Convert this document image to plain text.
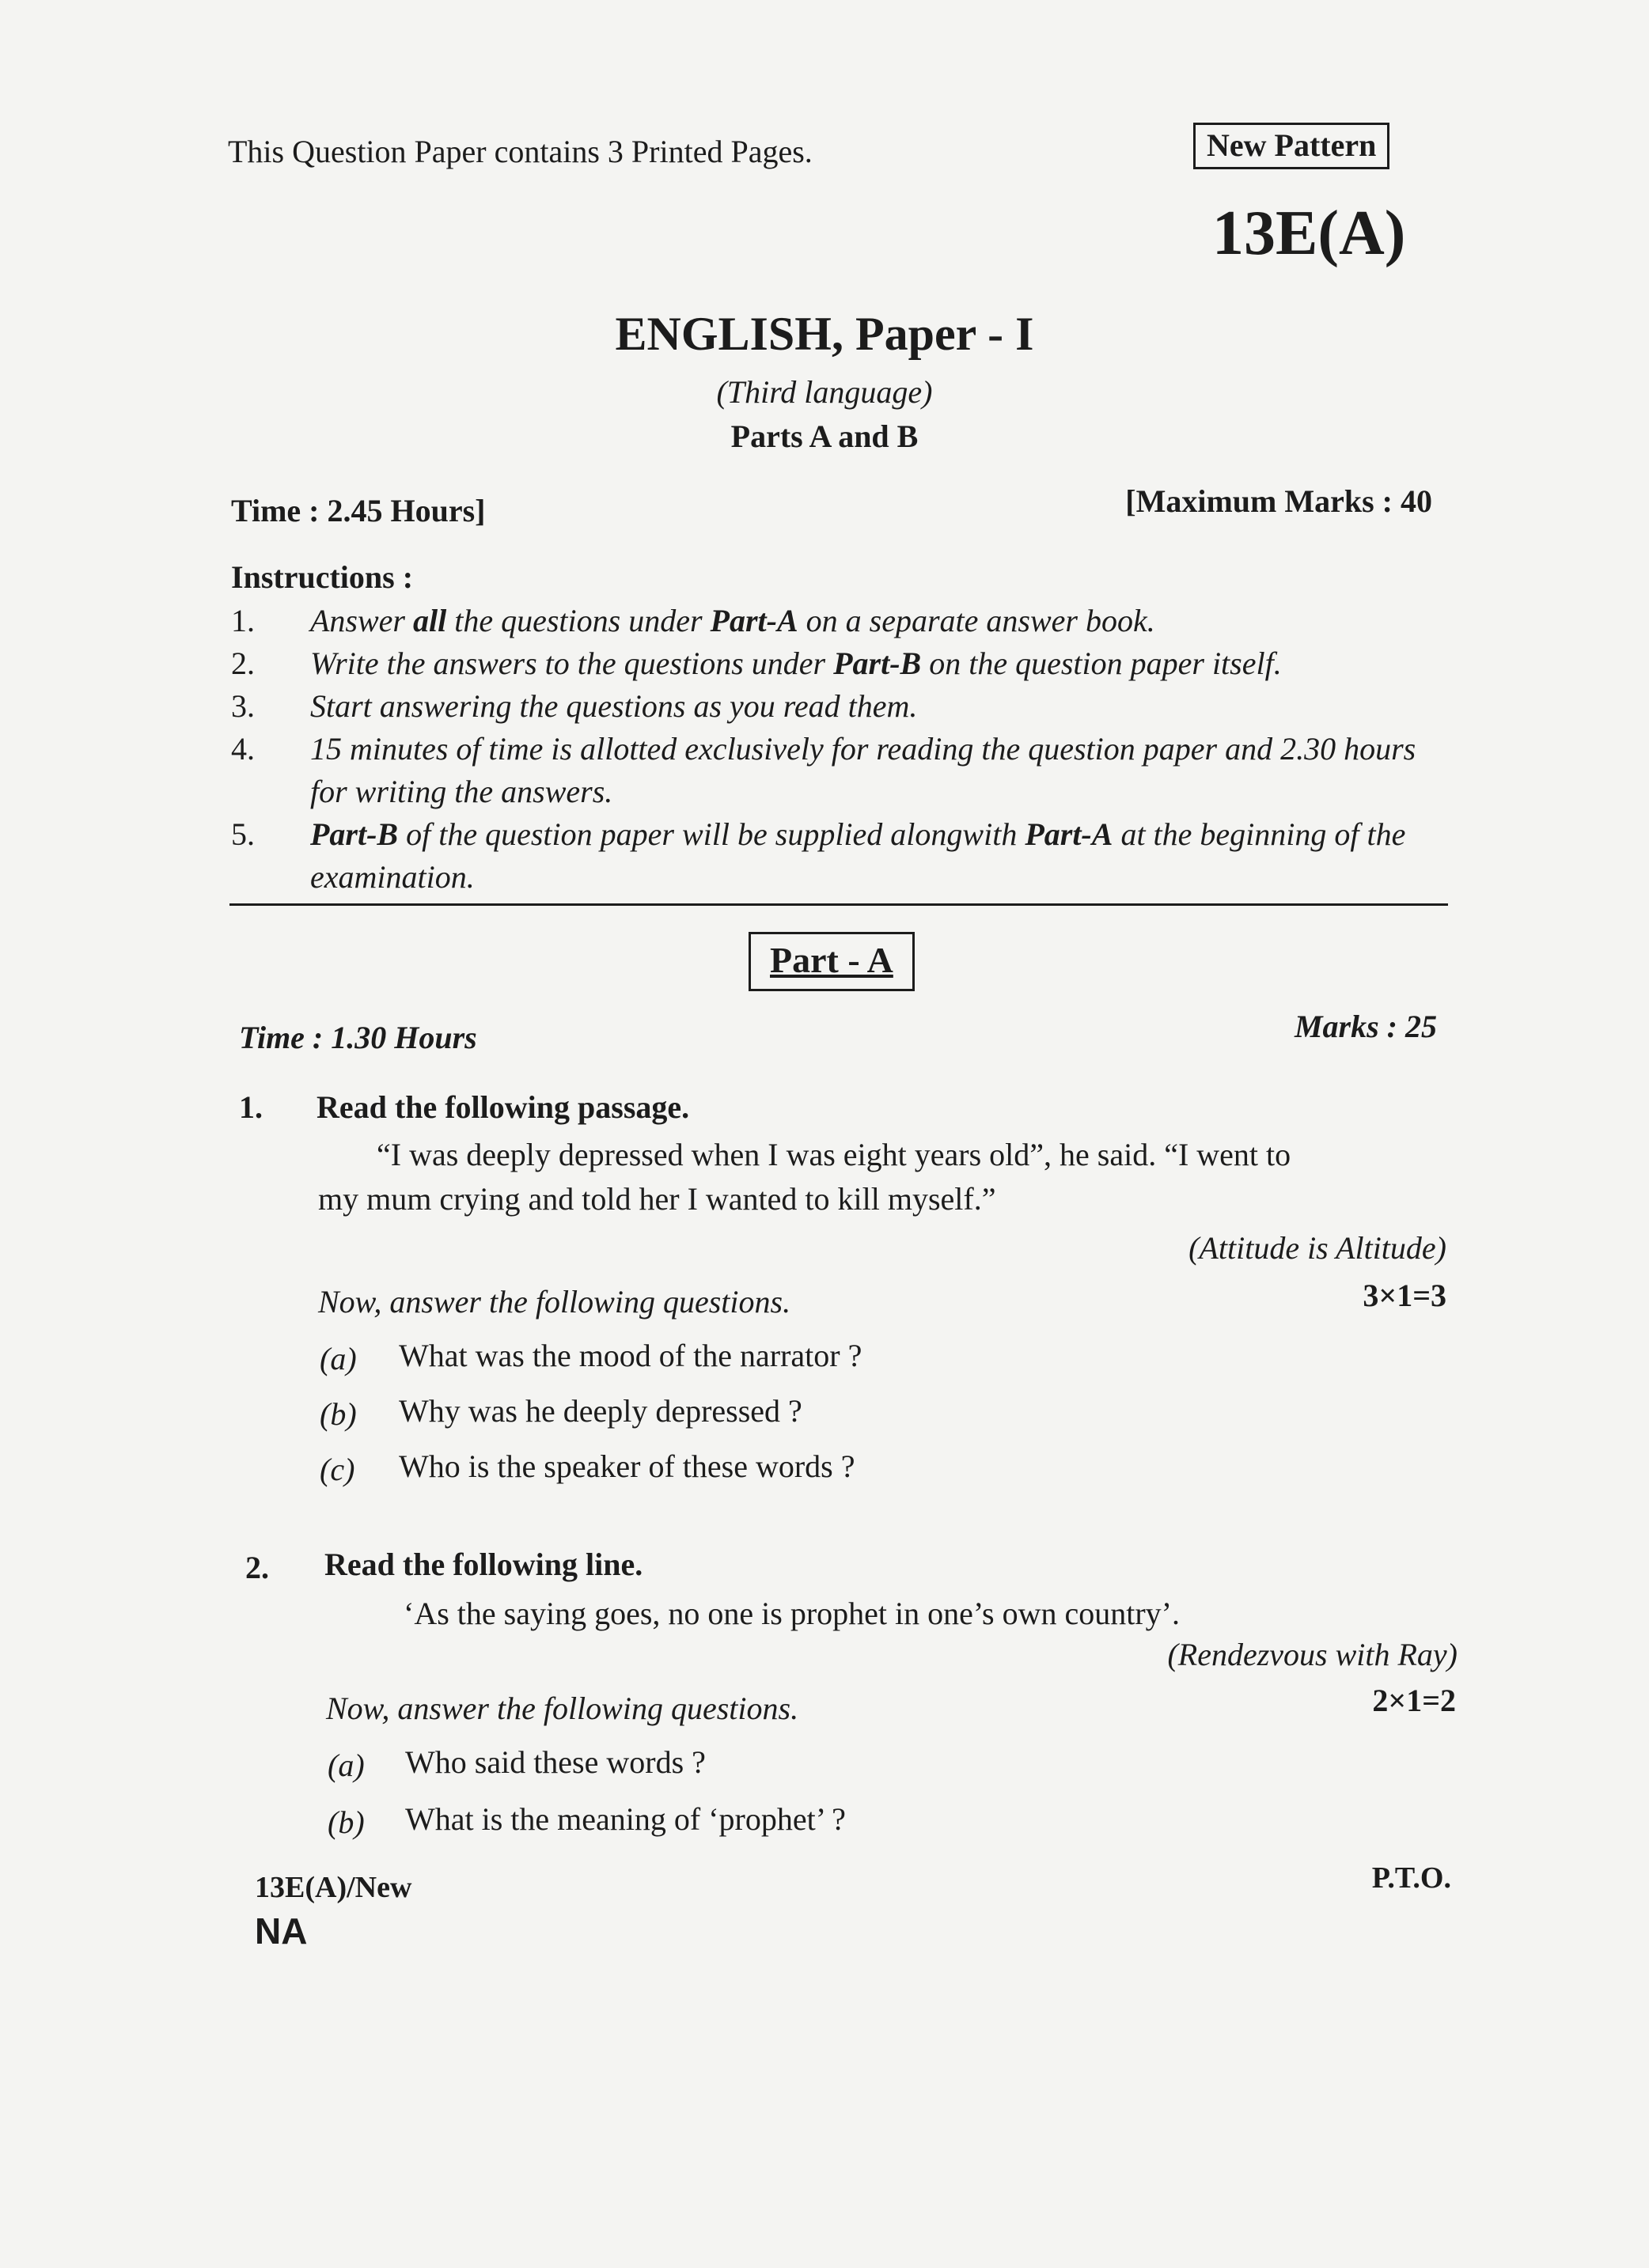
This Question Paper contains 3 Printed Pages.	New Pattern
13E(A)
ENGLISH, Paper - I
(Third language)
Parts A and B
Time : 2.45 Hours]	[Maximum Marks : 40
Instructions :
1.	Answer all the questions under Part-A on a separate answer book.
2.	Write the answers to the questions under Part-B on the question paper itself.
3.	Start answering the questions as you read them.
4.	15 minutes of time is allotted exclusively for reading the question paper and 2.30 hours for writing the answers.
5.	Part-B of the question paper will be supplied alongwith Part-A at the beginning of the examination.
Part - A
Time : 1.30 Hours	Marks : 25
1. Read the following passage.
“I was deeply depressed when I was eight years old”, he said. “I went to
my mum crying and told her I wanted to kill myself.”
(Attitude is Altitude)
Now, answer the following questions.	3×1=3
(a) What was the mood of the narrator ?
(b) Why was he deeply depressed ?
(c) Who is the speaker of these words ?
2. Read the following line.
‘As the saying goes, no one is prophet in one’s own country’.
(Rendezvous with Ray)
Now, answer the following questions.	2×1=2
(a) Who said these words ?
(b) What is the meaning of ‘prophet’ ?
13E(A)/New
NA
P.T.O.
